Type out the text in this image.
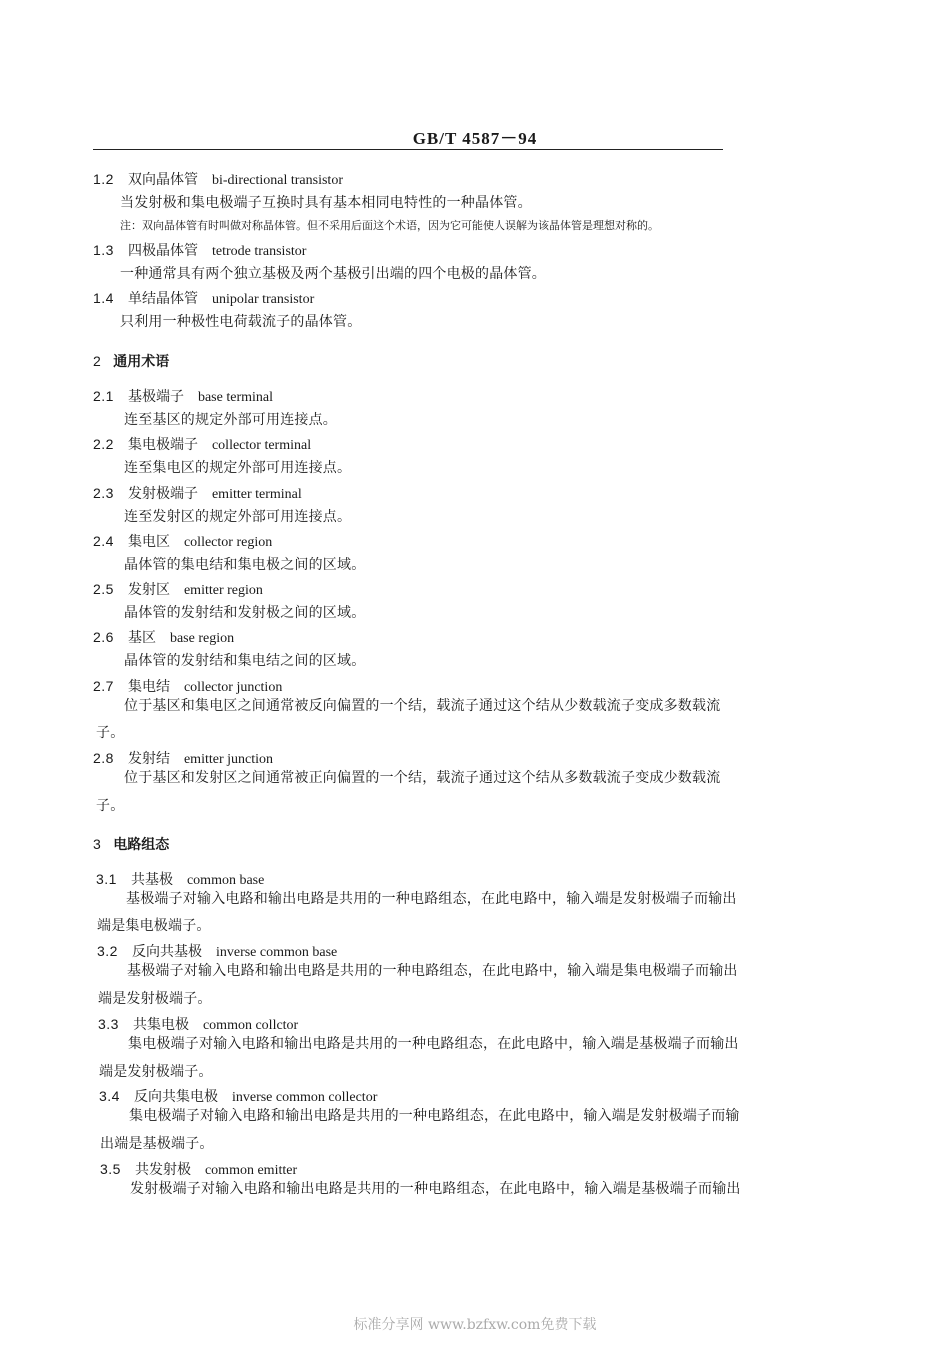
GB/T 4587－94
1.2 双向晶体管 bi-directional transistor
当发射极和集电极端子互换时具有基本相同电特性的一种晶体管。
注：双向晶体管有时叫做对称晶体管。但不采用后面这个术语，因为它可能使人误解为该晶体管是理想对称的。
1.3 四极晶体管 tetrode transistor
一种通常具有两个独立基极及两个基极引出端的四个电极的晶体管。
1.4 单结晶体管 unipolar transistor
只利用一种极性电荷载流子的晶体管。
2 通用术语
2.1 基极端子 base terminal
连至基区的规定外部可用连接点。
2.2 集电极端子 collector terminal
连至集电区的规定外部可用连接点。
2.3 发射极端子 emitter terminal
连至发射区的规定外部可用连接点。
2.4 集电区 collector region
晶体管的集电结和集电极之间的区域。
2.5 发射区 emitter region
晶体管的发射结和发射极之间的区域。
2.6 基区 base region
晶体管的发射结和集电结之间的区域。
2.7 集电结 collector junction
位于基区和集电区之间通常被反向偏置的一个结，载流子通过这个结从少数载流子变成多数载流
子。
2.8 发射结 emitter junction
位于基区和发射区之间通常被正向偏置的一个结，载流子通过这个结从多数载流子变成少数载流
子。
3 电路组态
3.1 共基极 common base
基极端子对输入电路和输出电路是共用的一种电路组态，在此电路中，输入端是发射极端子而输出
端是集电极端子。
3.2 反向共基极 inverse common base
基极端子对输入电路和输出电路是共用的一种电路组态，在此电路中，输入端是集电极端子而输出
端是发射极端子。
3.3 共集电极 common collctor
集电极端子对输入电路和输出电路是共用的一种电路组态，在此电路中，输入端是基极端子而输出
端是发射极端子。
3.4 反向共集电极 inverse common collector
集电极端子对输入电路和输出电路是共用的一种电路组态，在此电路中，输入端是发射极端子而输
出端是基极端子。
3.5 共发射极 common emitter
发射极端子对输入电路和输出电路是共用的一种电路组态，在此电路中，输入端是基极端子而输出
标准分享网 www.bzfxw.com免费下载
